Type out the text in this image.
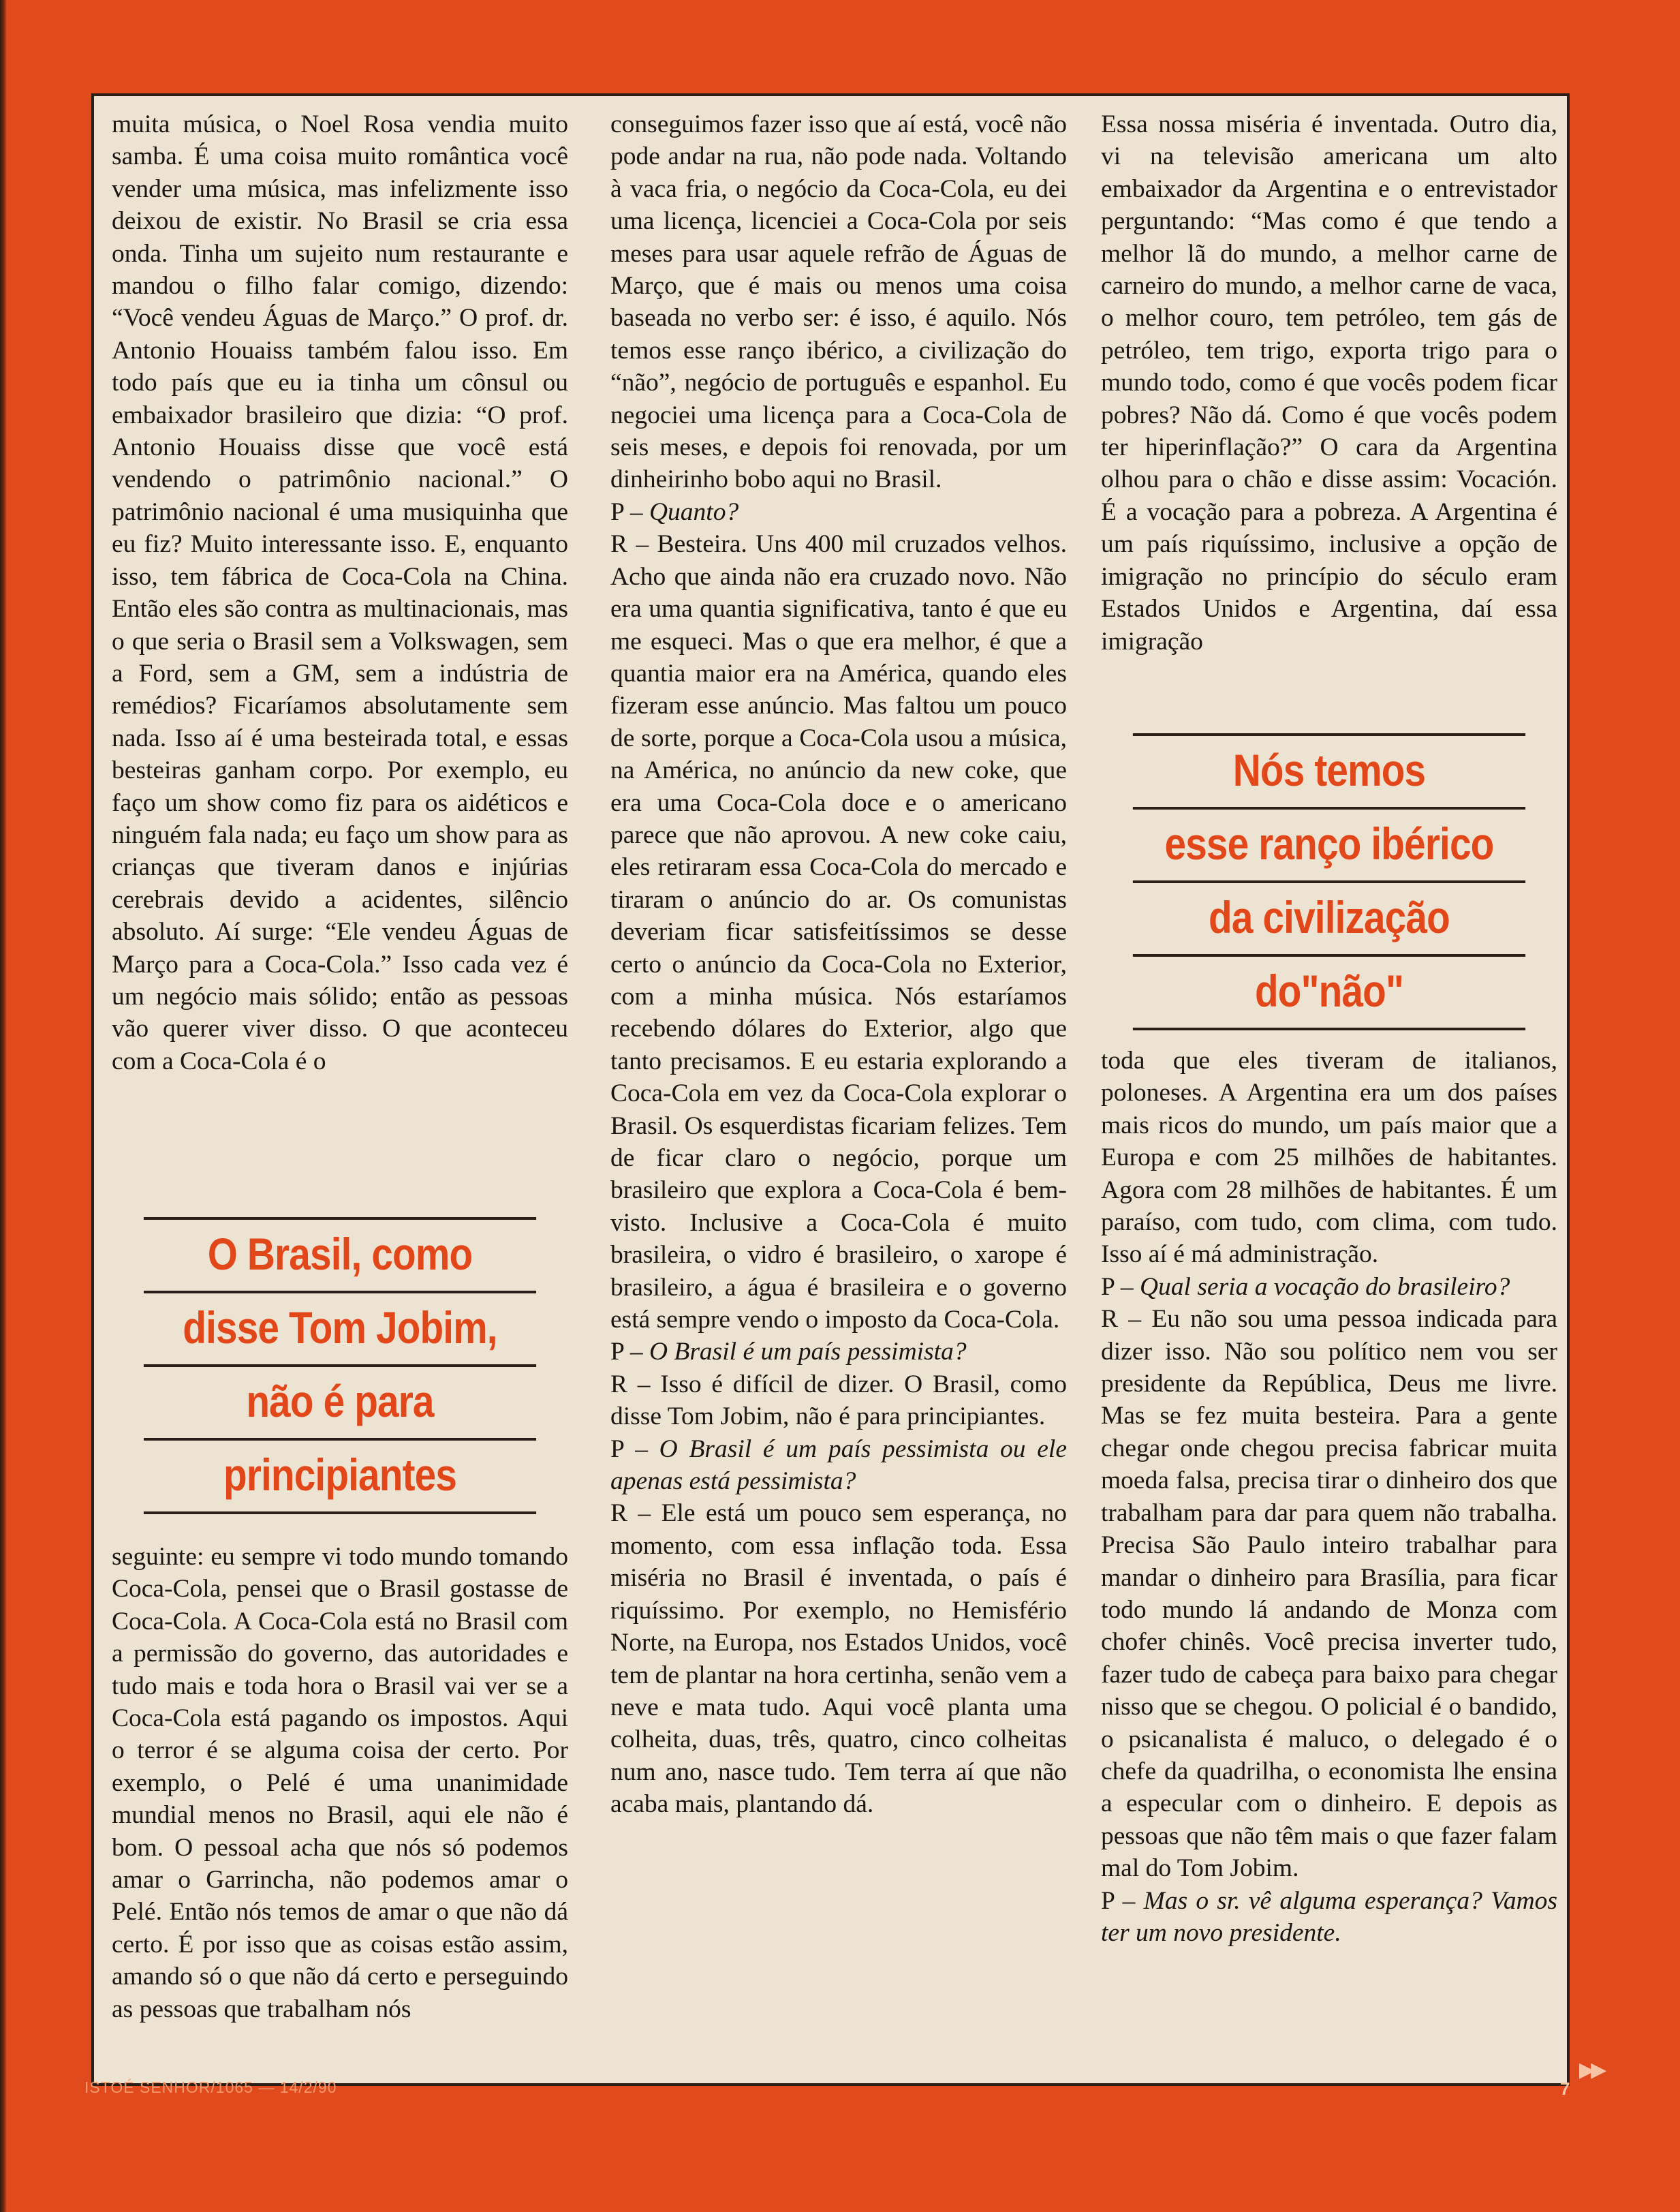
muita música, o Noel Rosa vendia muito samba. É uma coisa muito romântica você vender uma música, mas infelizmente isso deixou de existir. No Brasil se cria essa onda. Tinha um sujeito num restaurante e mandou o filho falar comigo, dizendo: “Você vendeu Águas de Março.” O prof. dr. Antonio Houaiss também falou isso. Em todo país que eu ia tinha um cônsul ou embaixador brasileiro que dizia: “O prof. Antonio Houaiss disse que você está vendendo o patrimônio nacional.” O patrimônio nacional é uma musiquinha que eu fiz? Muito interessante isso. E, enquanto isso, tem fábrica de Coca-Cola na China. Então eles são contra as multinacionais, mas o que seria o Brasil sem a Volkswagen, sem a Ford, sem a GM, sem a indústria de remédios? Ficaríamos absolutamente sem nada. Isso aí é uma besteirada total, e essas besteiras ganham corpo. Por exemplo, eu faço um show como fiz para os aidéticos e ninguém fala nada; eu faço um show para as crianças que tiveram danos e injúrias cerebrais devido a acidentes, silêncio absoluto. Aí surge: “Ele vendeu Águas de Março para a Coca-Cola.” Isso cada vez é um negócio mais sólido; então as pessoas vão querer viver disso. O que aconteceu com a Coca-Cola é o

O Brasil, como
disse Tom Jobim,
não é para
principiantes

seguinte: eu sempre vi todo mundo tomando Coca-Cola, pensei que o Brasil gostasse de Coca-Cola. A Coca-Cola está no Brasil com a permissão do governo, das autoridades e tudo mais e toda hora o Brasil vai ver se a Coca-Cola está pagando os impostos. Aqui o terror é se alguma coisa der certo. Por exemplo, o Pelé é uma unanimidade mundial menos no Brasil, aqui ele não é bom. O pessoal acha que nós só podemos amar o Garrincha, não podemos amar o Pelé. Então nós temos de amar o que não dá certo. É por isso que as coisas estão assim, amando só o que não dá certo e perseguindo as pessoas que trabalham nós

conseguimos fazer isso que aí está, você não pode andar na rua, não pode nada. Voltando à vaca fria, o negócio da Coca-Cola, eu dei uma licença, licenciei a Coca-Cola por seis meses para usar aquele refrão de Águas de Março, que é mais ou menos uma coisa baseada no verbo ser: é isso, é aquilo. Nós temos esse ranço ibérico, a civilização do “não”, negócio de português e espanhol. Eu negociei uma licença para a Coca-Cola de seis meses, e depois foi renovada, por um dinheirinho bobo aqui no Brasil.

P – Quanto?

R – Besteira. Uns 400 mil cruzados velhos. Acho que ainda não era cruzado novo. Não era uma quantia significativa, tanto é que eu me esqueci. Mas o que era melhor, é que a quantia maior era na América, quando eles fizeram esse anúncio. Mas faltou um pouco de sorte, porque a Coca-Cola usou a música, na América, no anúncio da new coke, que era uma Coca-Cola doce e o americano parece que não aprovou. A new coke caiu, eles retiraram essa Coca-Cola do mercado e tiraram o anúncio do ar. Os comunistas deveriam ficar satisfeitíssimos se desse certo o anúncio da Coca-Cola no Exterior, com a minha música. Nós estaríamos recebendo dólares do Exterior, algo que tanto precisamos. E eu estaria explorando a Coca-Cola em vez da Coca-Cola explorar o Brasil. Os esquerdistas ficariam felizes. Tem de ficar claro o negócio, porque um brasileiro que explora a Coca-Cola é bem-visto. Inclusive a Coca-Cola é muito brasileira, o vidro é brasileiro, o xarope é brasileiro, a água é brasileira e o governo está sempre vendo o imposto da Coca-Cola.

P – O Brasil é um país pessimista?

R – Isso é difícil de dizer. O Brasil, como disse Tom Jobim, não é para principiantes.

P – O Brasil é um país pessimista ou ele apenas está pessimista?

R – Ele está um pouco sem esperança, no momento, com essa inflação toda. Essa miséria no Brasil é inventada, o país é riquíssimo. Por exemplo, no Hemisfério Norte, na Europa, nos Estados Unidos, você tem de plantar na hora certinha, senão vem a neve e mata tudo. Aqui você planta uma colheita, duas, três, quatro, cinco colheitas num ano, nasce tudo. Tem terra aí que não acaba mais, plantando dá.

Essa nossa miséria é inventada. Outro dia, vi na televisão americana um alto embaixador da Argentina e o entrevistador perguntando: “Mas como é que tendo a melhor lã do mundo, a melhor carne de carneiro do mundo, a melhor carne de vaca, o melhor couro, tem petróleo, tem gás de petróleo, tem trigo, exporta trigo para o mundo todo, como é que vocês podem ficar pobres? Não dá. Como é que vocês podem ter hiperinflação?” O cara da Argentina olhou para o chão e disse assim: Vocación. É a vocação para a pobreza. A Argentina é um país riquíssimo, inclusive a opção de imigração no princípio do século eram Estados Unidos e Argentina, daí essa imigração

Nós temos
esse ranço ibérico
da civilização
do"não"

toda que eles tiveram de italianos, poloneses. A Argentina era um dos países mais ricos do mundo, um país maior que a Europa e com 25 milhões de habitantes. Agora com 28 milhões de habitantes. É um paraíso, com tudo, com clima, com tudo. Isso aí é má administração.

P – Qual seria a vocação do brasileiro?

R – Eu não sou uma pessoa indicada para dizer isso. Não sou político nem vou ser presidente da República, Deus me livre. Mas se fez muita besteira. Para a gente chegar onde chegou precisa fabricar muita moeda falsa, precisa tirar o dinheiro dos que trabalham para dar para quem não trabalha. Precisa São Paulo inteiro trabalhar para mandar o dinheiro para Brasília, para ficar todo mundo lá andando de Monza com chofer chinês. Você precisa inverter tudo, fazer tudo de cabeça para baixo para chegar nisso que se chegou. O policial é o bandido, o psicanalista é maluco, o delegado é o chefe da quadrilha, o economista lhe ensina a especular com o dinheiro. E depois as pessoas que não têm mais o que fazer falam mal do Tom Jobim.

P – Mas o sr. vê alguma esperança? Vamos ter um novo presidente.

▶▶
ISTOÉ SENHOR/1065 — 14/2/90	7
